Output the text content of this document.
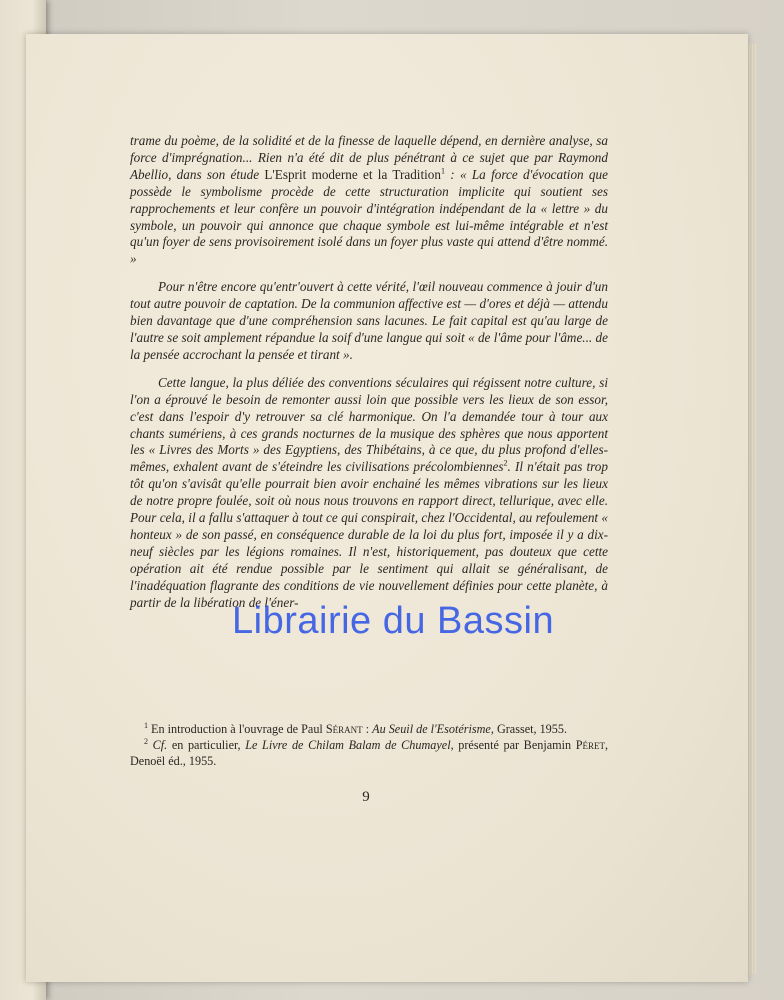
trame du poème, de la solidité et de la finesse de laquelle dépend, en dernière analyse, sa force d'imprégnation... Rien n'a été dit de plus pénétrant à ce sujet que par Raymond Abellio, dans son étude L'Esprit moderne et la Tradition$^1$ : « La force d'évocation que possède le symbolisme procède de cette structuration implicite qui soutient ses rapprochements et leur confère un pouvoir d'intégration indépendant de la « lettre » du symbole, un pouvoir qui annonce que chaque symbole est lui-même intégrable et n'est qu'un foyer de sens provisoirement isolé dans un foyer plus vaste qui attend d'être nommé. »

Pour n'être encore qu'entr'ouvert à cette vérité, l'œil nouveau commence à jouir d'un tout autre pouvoir de captation. De la communion affective est — d'ores et déjà — attendu bien davantage que d'une compréhension sans lacunes. Le fait capital est qu'au large de l'autre se soit amplement répandue la soif d'une langue qui soit « de l'âme pour l'âme... de la pensée accrochant la pensée et tirant ».

Cette langue, la plus déliée des conventions séculaires qui régissent notre culture, si l'on a éprouvé le besoin de remonter aussi loin que possible vers les lieux de son essor, c'est dans l'espoir d'y retrouver sa clé harmonique. On l'a demandée tour à tour aux chants sumériens, à ces grands nocturnes de la musique des sphères que nous apportent les « Livres des Morts » des Egyptiens, des Thibétains, à ce que, du plus profond d'elles-mêmes, exhalent avant de s'éteindre les civilisations précolombiennes$^2$. Il n'était pas trop tôt qu'on s'avisât qu'elle pourrait bien avoir enchainé les mêmes vibrations sur les lieux de notre propre foulée, soit où nous nous trouvons en rapport direct, tellurique, avec elle. Pour cela, il a fallu s'attaquer à tout ce qui conspirait, chez l'Occidental, au refoulement « honteux » de son passé, en conséquence durable de la loi du plus fort, imposée il y a dix-neuf siècles par les légions romaines. Il n'est, historiquement, pas douteux que cette opération ait été rendue possible par le sentiment qui allait se généralisant, de l'inadéquation flagrante des conditions de vie nouvellement définies pour cette planète, à partir de la libération de l'éner-

$^1$ En introduction à l'ouvrage de Paul Sérant : Au Seuil de l'Esotérisme, Grasset, 1955.

$^2$ Cf. en particulier, Le Livre de Chilam Balam de Chumayel, présenté par Benjamin Péret, Denoël éd., 1955.

9
Librairie du Bassin
